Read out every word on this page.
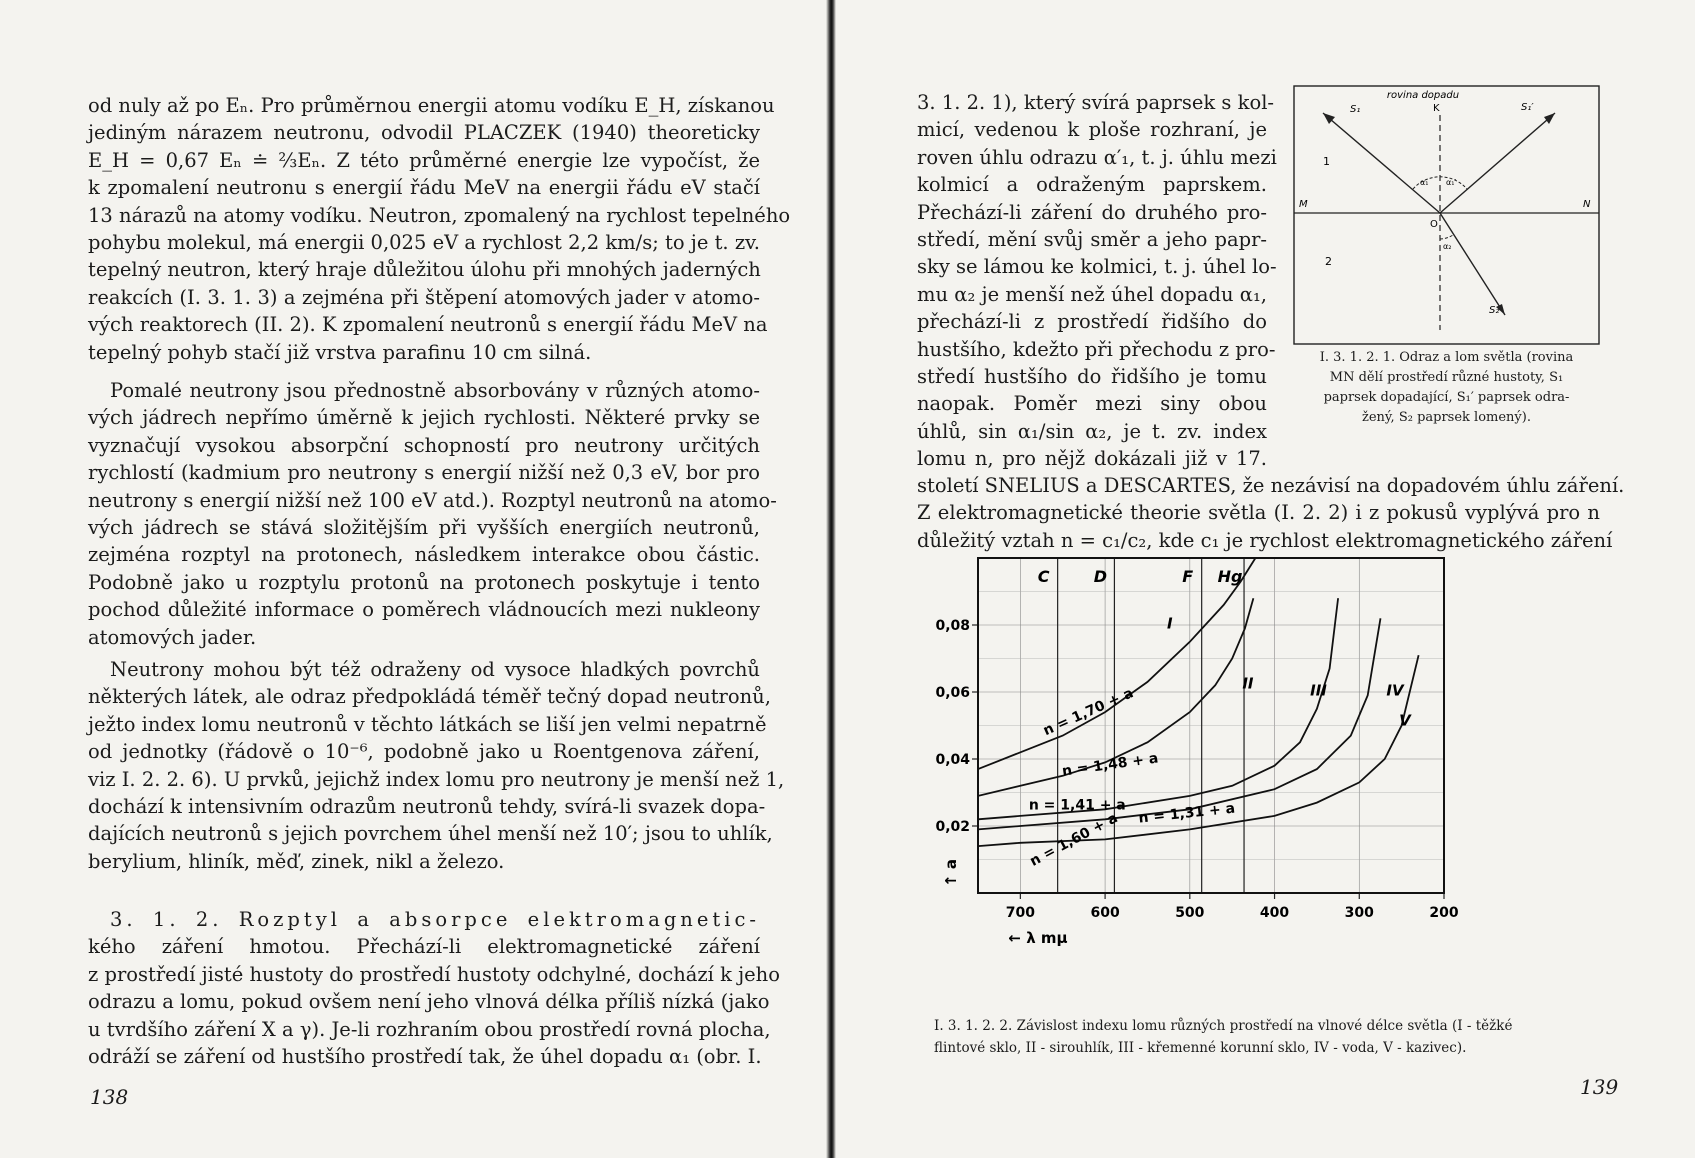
od nuly až po Eₙ. Pro průměrnou energii atomu vodíku E_H, získanou
jediným nárazem neutronu, odvodil PLACZEK (1940) theoreticky
E_H = 0,67 Eₙ ≐ ⅔Eₙ. Z této průměrné energie lze vypočíst, že
k zpomalení neutronu s energií řádu MeV na energii řádu eV stačí
13 nárazů na atomy vodíku. Neutron, zpomalený na rychlost tepelného
pohybu molekul, má energii 0,025 eV a rychlost 2,2 km/s; to je t. zv.
tepelný neutron, který hraje důležitou úlohu při mnohých jaderných
reakcích (I. 3. 1. 3) a zejména při štěpení atomových jader v atomo-
vých reaktorech (II. 2). K zpomalení neutronů s energií řádu MeV na
tepelný pohyb stačí již vrstva parafinu 10 cm silná.
Pomalé neutrony jsou přednostně absorbovány v různých atomo-
vých jádrech nepřímo úměrně k jejich rychlosti. Některé prvky se
vyznačují vysokou absorpční schopností pro neutrony určitých
rychlostí (kadmium pro neutrony s energií nižší než 0,3 eV, bor pro
neutrony s energií nižší než 100 eV atd.). Rozptyl neutronů na atomo-
vých jádrech se stává složitějším při vyšších energiích neutronů,
zejména rozptyl na protonech, následkem interakce obou částic.
Podobně jako u rozptylu protonů na protonech poskytuje i tento
pochod důležité informace o poměrech vládnoucích mezi nukleony
atomových jader.
Neutrony mohou být též odraženy od vysoce hladkých povrchů
některých látek, ale odraz předpokládá téměř tečný dopad neutronů,
ježto index lomu neutronů v těchto látkách se liší jen velmi nepatrně
od jednotky (řádově o 10⁻⁶, podobně jako u Roentgenova záření,
viz I. 2. 2. 6). U prvků, jejichž index lomu pro neutrony je menší než 1,
dochází k intensivním odrazům neutronů tehdy, svírá-li svazek dopa-
dajících neutronů s jejich povrchem úhel menší než 10′; jsou to uhlík,
berylium, hliník, měď, zinek, nikl a železo.
3. 1. 2. Rozptyl a absorpce elektromagnetic-
kého záření hmotou. Přechází-li elektromagnetické záření
z prostředí jisté hustoty do prostředí hustoty odchylné, dochází k jeho
odrazu a lomu, pokud ovšem není jeho vlnová délka příliš nízká (jako
u tvrdšího záření X a γ). Je-li rozhraním obou prostředí rovná plocha,
odráží se záření od hustšího prostředí tak, že úhel dopadu α₁ (obr. I.
138
3. 1. 2. 1), který svírá paprsek s kol-
micí, vedenou k ploše rozhraní, je
roven úhlu odrazu α′₁, t. j. úhlu mezi
kolmicí a odraženým paprskem.
Přechází-li záření do druhého pro-
středí, mění svůj směr a jeho papr-
sky se lámou ke kolmici, t. j. úhel lo-
mu α₂ je menší než úhel dopadu α₁,
přechází-li z prostředí řidšího do
hustšího, kdežto při přechodu z pro-
středí hustšího do řidšího je tomu
naopak. Poměr mezi siny obou
úhlů, sin α₁/sin α₂, je t. zv. index
lomu n, pro nějž dokázali již v 17.
století SNELIUS a DESCARTES, že nezávisí na dopadovém úhlu záření.
Z elektromagnetické theorie světla (I. 2. 2) i z pokusů vyplývá pro n
důležitý vztah n = c₁/c₂, kde c₁ je rychlost elektromagnetického záření
rovina dopadu
S₁	S₁′
S₂
K
M	N
O
1
2
α₁ α₁′
α₂
I. 3. 1. 2. 1. Odraz a lom světla (rovina
MN dělí prostředí různé hustoty, S₁
paprsek dopadající, S₁′ paprsek odra-
žený, S₂ paprsek lomený).
700	600	500	400	300	200
0,02
0,04
0,06
0,08
C	D	F Hg
I
II	III	IV
V
n = 1,70 + a
n = 1,48 + a
n = 1,41 + a n = 1,31 + a
n = 1,60 + a
← λ mμ
↑ a
I. 3. 1. 2. 2. Závislost indexu lomu různých prostředí na vlnové délce světla (I - těžké
flintové sklo, II - sirouhlík, III - křemenné korunní sklo, IV - voda, V - kazivec).
139
